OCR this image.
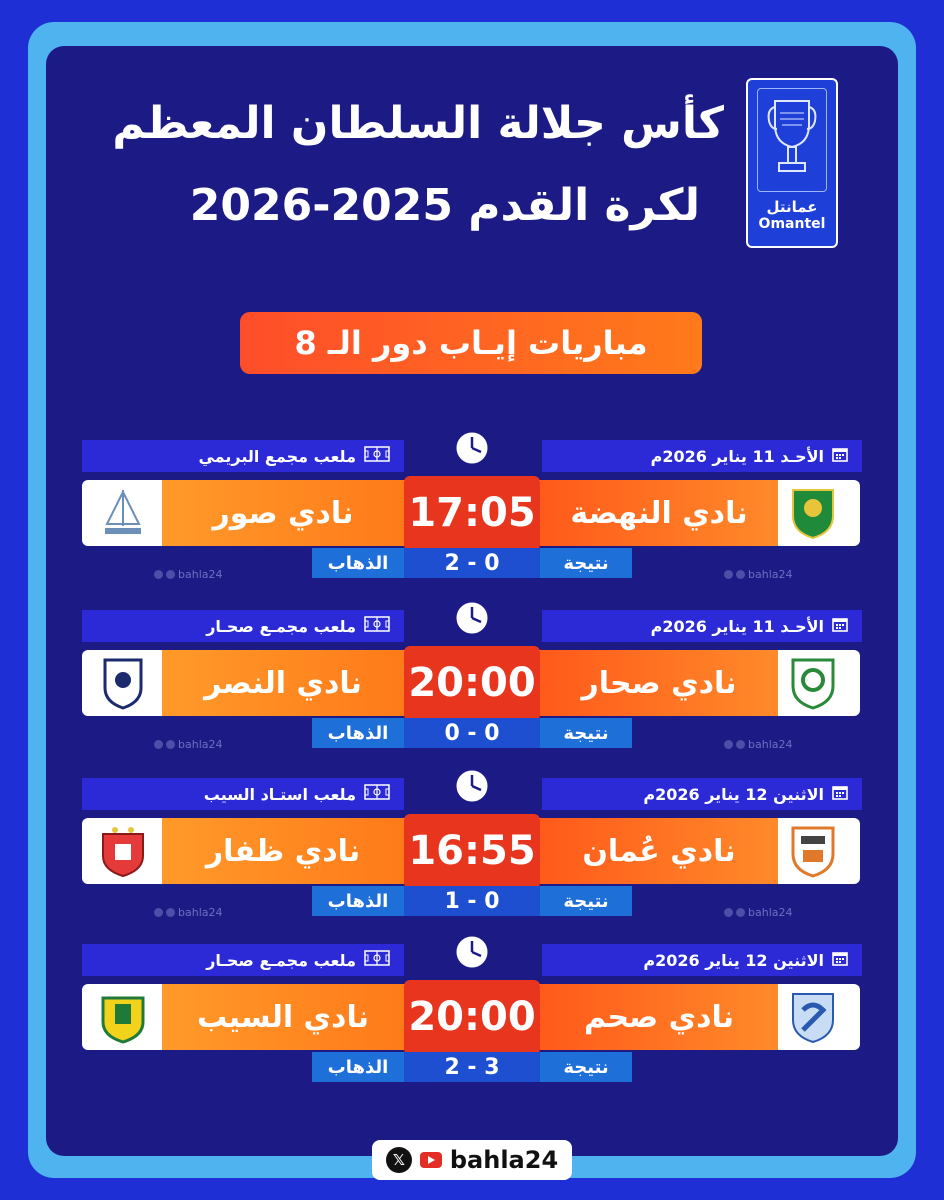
كأس جلالة السلطان المعظم
لكرة القدم 2025-2026	عمانتل
Omantel
مباريات إيـاب دور الـ 8
الأحـد 11 يناير 2026م
ملعب مجمع البريمي
نادي النهضة
نادي صور	17:05
نتيجة
2 - 0
الذهاب
bahla24	bahla24
الأحـد 11 يناير 2026م
ملعب مجمـع صحـار
نادي صحار
نادي النصر	20:00
نتيجة
0 - 0
الذهاب
bahla24	bahla24
الاثنين 12 يناير 2026م
ملعب استـاد السيب
نادي عُمان
نادي ظفار	16:55
نتيجة
1 - 0
الذهاب
bahla24	bahla24
الاثنين 12 يناير 2026م
ملعب مجمـع صحـار
نادي صحم
نادي السيب 20:00
نتيجة
2 - 3
الذهاب
𝕏 bahla24
